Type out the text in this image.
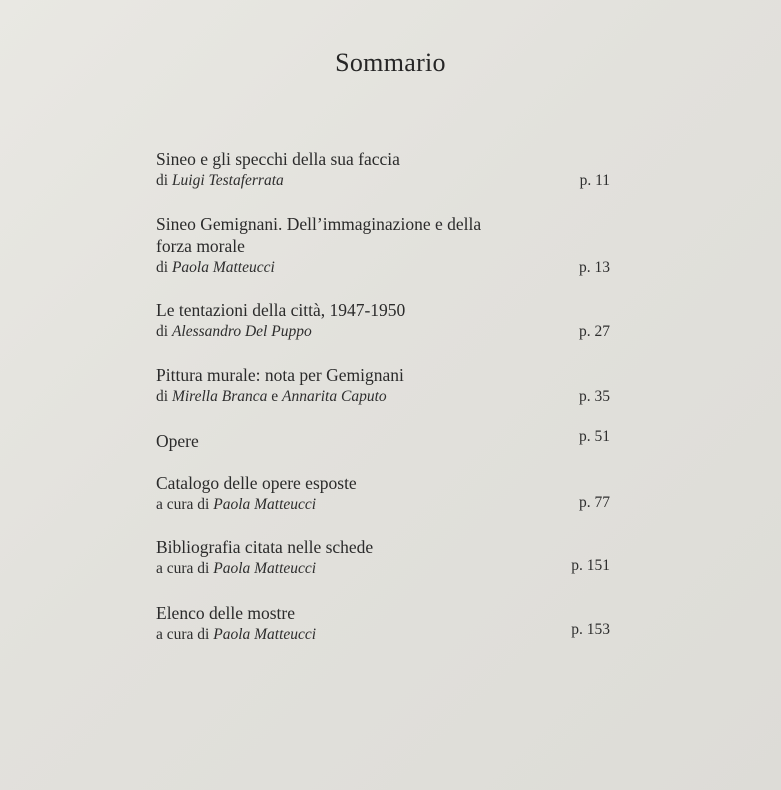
Sommario
Sineo e gli specchi della sua faccia
di Luigi Testaferrata	p. 11
Sineo Gemignani. Dell’immaginazione e della
forza morale
di Paola Matteucci	p. 13
Le tentazioni della città, 1947-1950
di Alessandro Del Puppo	p. 27
Pittura murale: nota per Gemignani
di Mirella Branca e Annarita Caputo	p. 35
Opere	p. 51
Catalogo delle opere esposte
a cura di Paola Matteucci	p. 77
Bibliografia citata nelle schede
a cura di Paola Matteucci	p. 151
Elenco delle mostre
a cura di Paola Matteucci	p. 153
